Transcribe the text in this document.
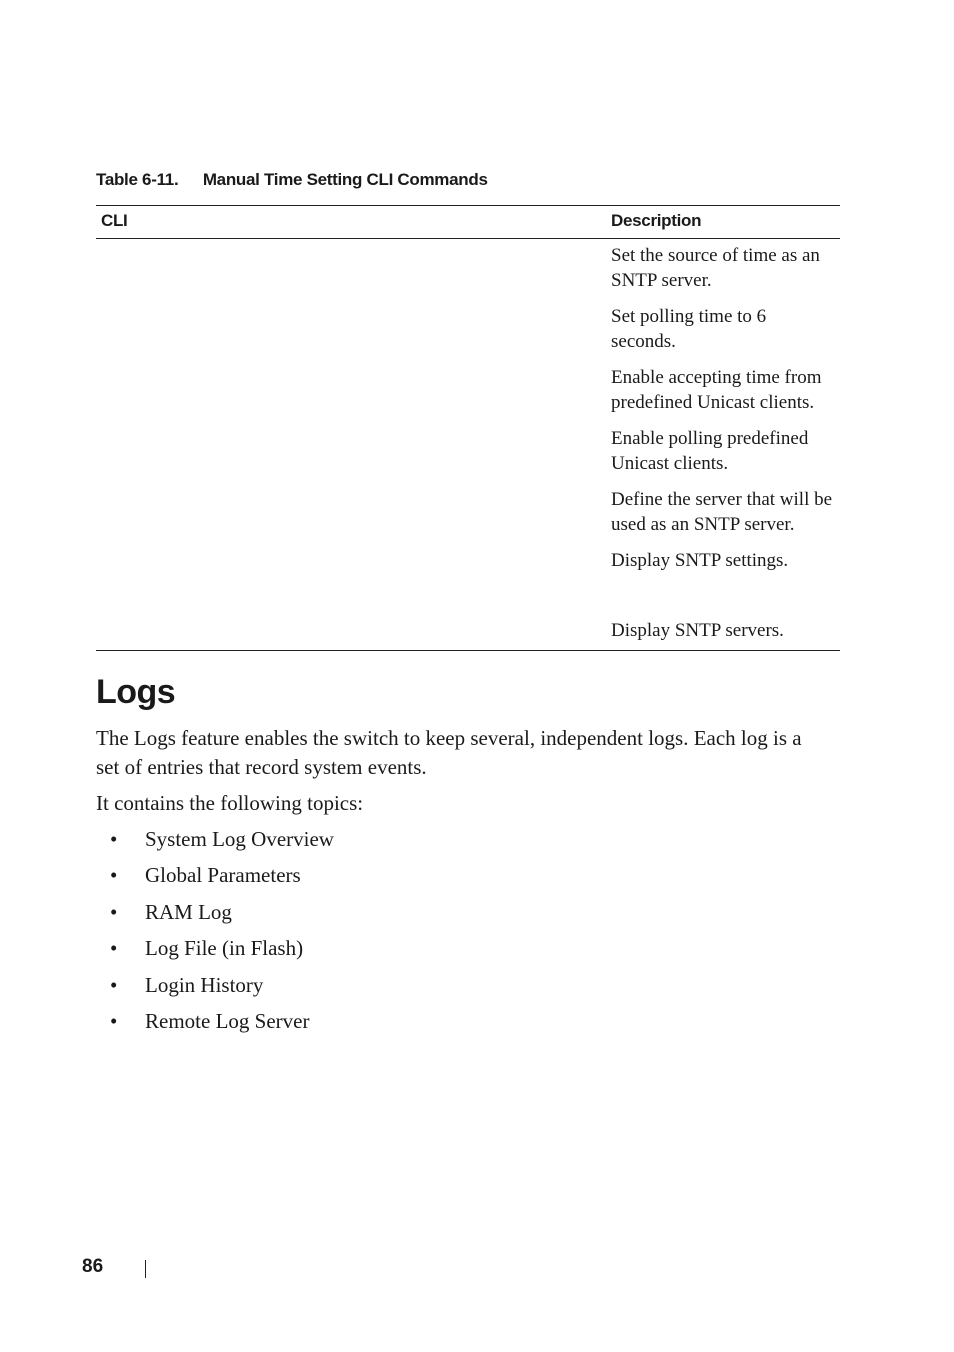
Table 6-11. Manual Time Setting CLI Commands
CLI	Description
	Set the source of time as an SNTP server.
	Set polling time to 6 seconds.
	Enable accepting time from predefined Unicast clients.
	Enable polling predefined Unicast clients.
	Define the server that will be used as an SNTP server.
	Display SNTP settings.
	Display SNTP servers.
Logs

The Logs feature enables the switch to keep several, independent logs. Each log is a set of entries that record system events.

It contains the following topics:

• System Log Overview
• Global Parameters
• RAM Log
• Log File (in Flash)
• Login History
• Remote Log Server
86
